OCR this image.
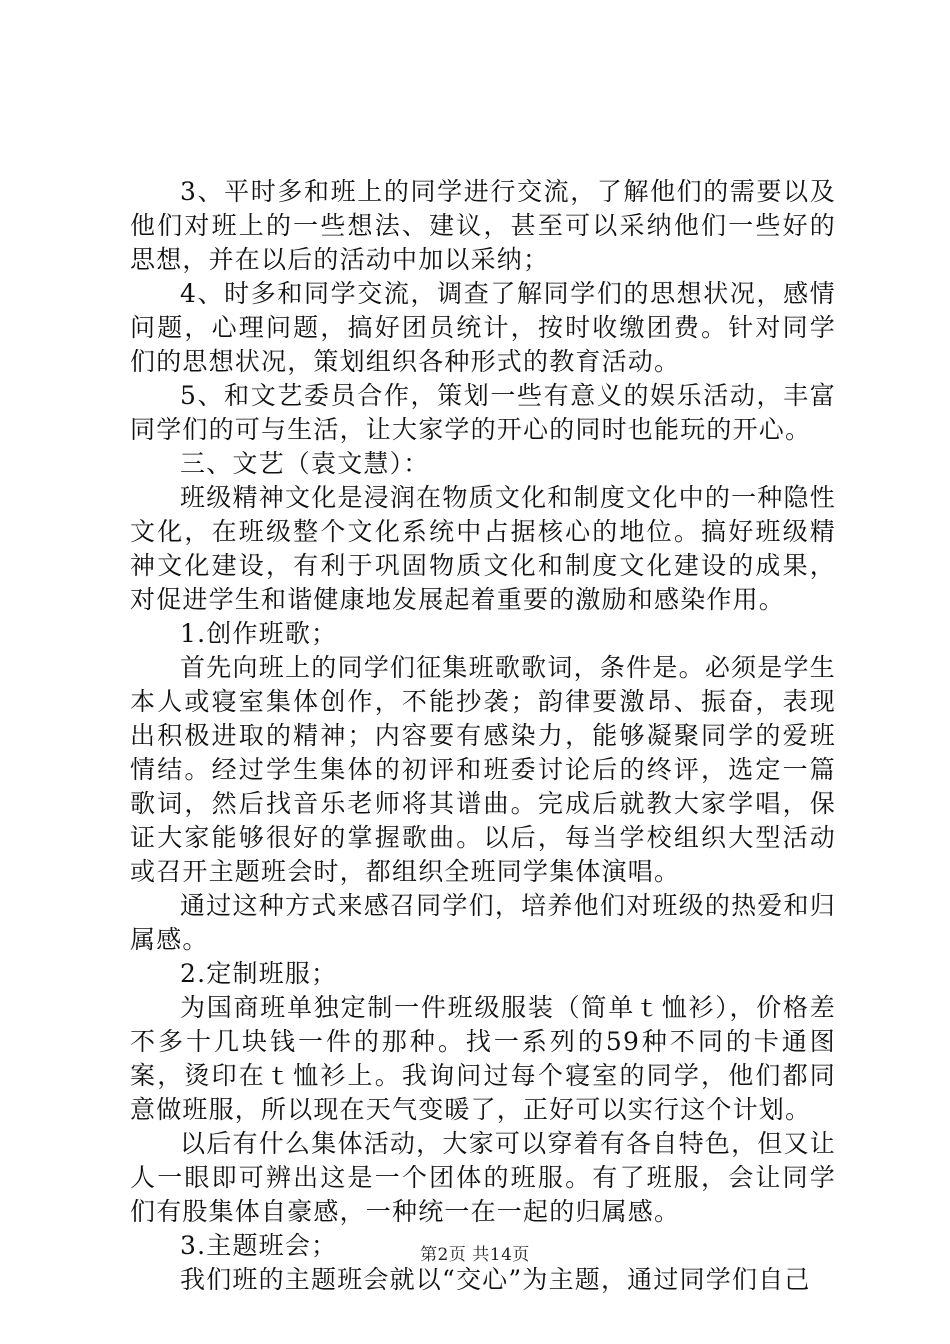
3、平时多和班上的同学进行交流，了解他们的需要以及他们对班上的一些想法、建议，甚至可以采纳他们一些好的思想，并在以后的活动中加以采纳；

4、时多和同学交流，调查了解同学们的思想状况，感情问题，心理问题，搞好团员统计，按时收缴团费。针对同学们的思想状况，策划组织各种形式的教育活动。

5、和文艺委员合作，策划一些有意义的娱乐活动，丰富同学们的可与生活，让大家学的开心的同时也能玩的开心。

三、文艺（袁文慧）：

班级精神文化是浸润在物质文化和制度文化中的一种隐性文化，在班级整个文化系统中占据核心的地位。搞好班级精神文化建设，有利于巩固物质文化和制度文化建设的成果，对促进学生和谐健康地发展起着重要的激励和感染作用。

1.创作班歌；

首先向班上的同学们征集班歌歌词，条件是。必须是学生本人或寝室集体创作，不能抄袭；韵律要激昂、振奋，表现出积极进取的精神；内容要有感染力，能够凝聚同学的爱班情结。经过学生集体的初评和班委讨论后的终评，选定一篇歌词，然后找音乐老师将其谱曲。完成后就教大家学唱，保证大家能够很好的掌握歌曲。以后，每当学校组织大型活动或召开主题班会时，都组织全班同学集体演唱。

通过这种方式来感召同学们，培养他们对班级的热爱和归属感。

2.定制班服；

为国商班单独定制一件班级服装（简单ｔ恤衫），价格差不多十几块钱一件的那种。找一系列的59种不同的卡通图案，烫印在ｔ恤衫上。我询问过每个寝室的同学，他们都同意做班服，所以现在天气变暖了，正好可以实行这个计划。

以后有什么集体活动，大家可以穿着有各自特色，但又让人一眼即可辨出这是一个团体的班服。有了班服，会让同学们有股集体自豪感，一种统一在一起的归属感。

3.主题班会；

我们班的主题班会就以“交心”为主题，通过同学们自己

第2页 共14页
